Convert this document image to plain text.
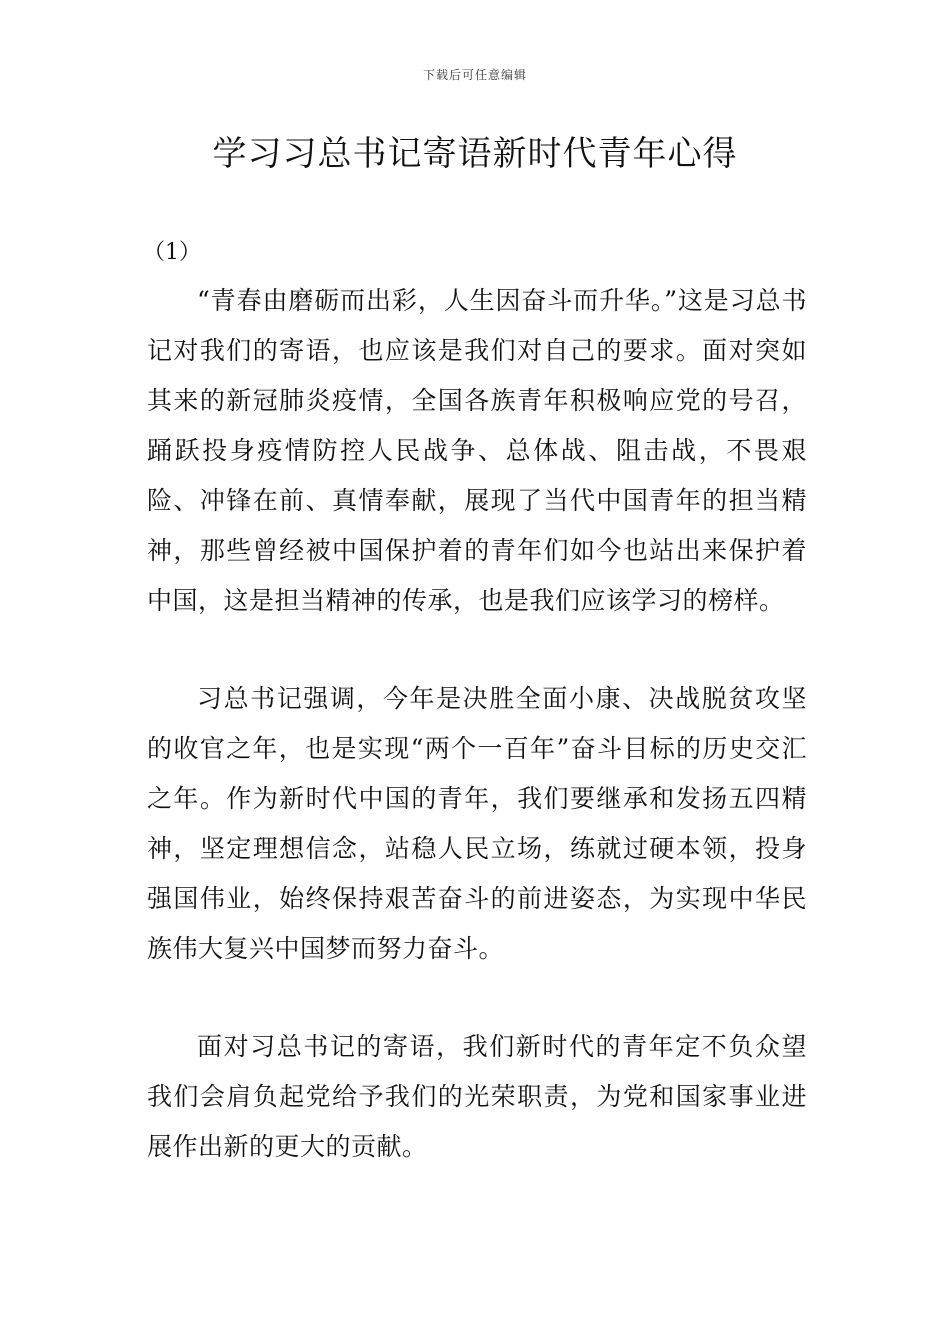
下载后可任意编辑
学习习总书记寄语新时代青年心得
（1）

“青春由磨砺而出彩，人生因奋斗而升华。”这是习总书记对我们的寄语，也应该是我们对自己的要求。面对突如其来的新冠肺炎疫情，全国各族青年积极响应党的号召，踊跃投身疫情防控人民战争、总体战、阻击战，不畏艰险、冲锋在前、真情奉献，展现了当代中国青年的担当精神，那些曾经被中国保护着的青年们如今也站出来保护着中国，这是担当精神的传承，也是我们应该学习的榜样。

习总书记强调，今年是决胜全面小康、决战脱贫攻坚的收官之年，也是实现“两个一百年”奋斗目标的历史交汇之年。作为新时代中国的青年，我们要继承和发扬五四精神，坚定理想信念，站稳人民立场，练就过硬本领，投身强国伟业，始终保持艰苦奋斗的前进姿态，为实现中华民族伟大复兴中国梦而努力奋斗。

面对习总书记的寄语，我们新时代的青年定不负众望我们会肩负起党给予我们的光荣职责，为党和国家事业进展作出新的更大的贡献。
